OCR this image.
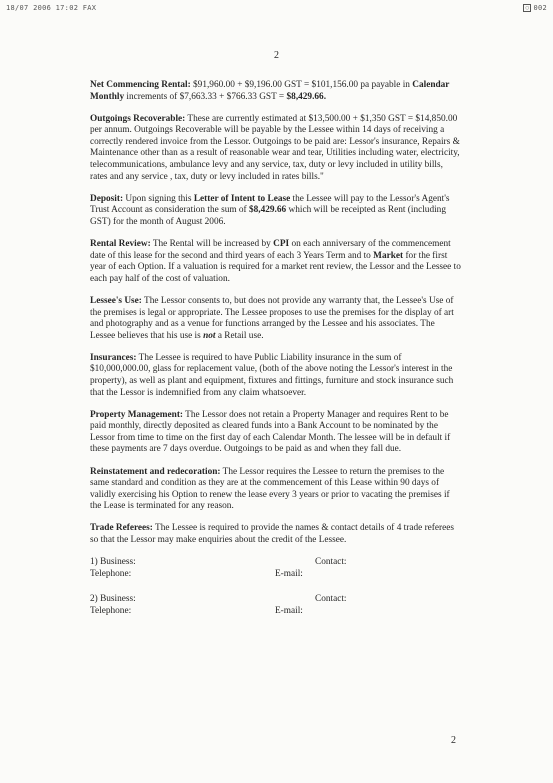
18/07 2006 17:02 FAX	▢ 002
2

Net Commencing Rental: $91,960.00 + $9,196.00 GST = $101,156.00 pa payable in Calendar Monthly increments of $7,663.33 + $766.33 GST = $8,429.66.

Outgoings Recoverable: These are currently estimated at $13,500.00 + $1,350 GST = $14,850.00 per annum. Outgoings Recoverable will be payable by the Lessee within 14 days of receiving a correctly rendered invoice from the Lessor. Outgoings to be paid are: Lessor's insurance, Repairs & Maintenance other than as a result of reasonable wear and tear, Utilities including water, electricity, telecommunications, ambulance levy and any service, tax, duty or levy included in utility bills, rates and any service , tax, duty or levy included in rates bills."

Deposit: Upon signing this Letter of Intent to Lease the Lessee will pay to the Lessor's Agent's Trust Account as consideration the sum of $8,429.66 which will be receipted as Rent (including GST) for the month of August 2006.

Rental Review: The Rental will be increased by CPI on each anniversary of the commencement date of this lease for the second and third years of each 3 Years Term and to Market for the first year of each Option. If a valuation is required for a market rent review, the Lessor and the Lessee to each pay half of the cost of valuation.

Lessee's Use: The Lessor consents to, but does not provide any warranty that, the Lessee's Use of the premises is legal or appropriate. The Lessee proposes to use the premises for the display of art and photography and as a venue for functions arranged by the Lessee and his associates. The Lessee believes that his use is not a Retail use.

Insurances: The Lessee is required to have Public Liability insurance in the sum of $10,000,000.00, glass for replacement value, (both of the above noting the Lessor's interest in the property), as well as plant and equipment, fixtures and fittings, furniture and stock insurance such that the Lessor is indemnified from any claim whatsoever.

Property Management: The Lessor does not retain a Property Manager and requires Rent to be paid monthly, directly deposited as cleared funds into a Bank Account to be nominated by the Lessor from time to time on the first day of each Calendar Month. The lessee will be in default if these payments are 7 days overdue. Outgoings to be paid as and when they fall due.

Reinstatement and redecoration: The Lessor requires the Lessee to return the premises to the same standard and condition as they are at the commencement of this Lease within 90 days of validly exercising his Option to renew the lease every 3 years or prior to vacating the premises if the Lease is terminated for any reason.

Trade Referees: The Lessee is required to provide the names & contact details of 4 trade referees so that the Lessor may make enquiries about the credit of the Lessee.

1) Business:	Contact:
Telephone:	E-mail:
2) Business:	Contact:
Telephone:	E-mail:
2
